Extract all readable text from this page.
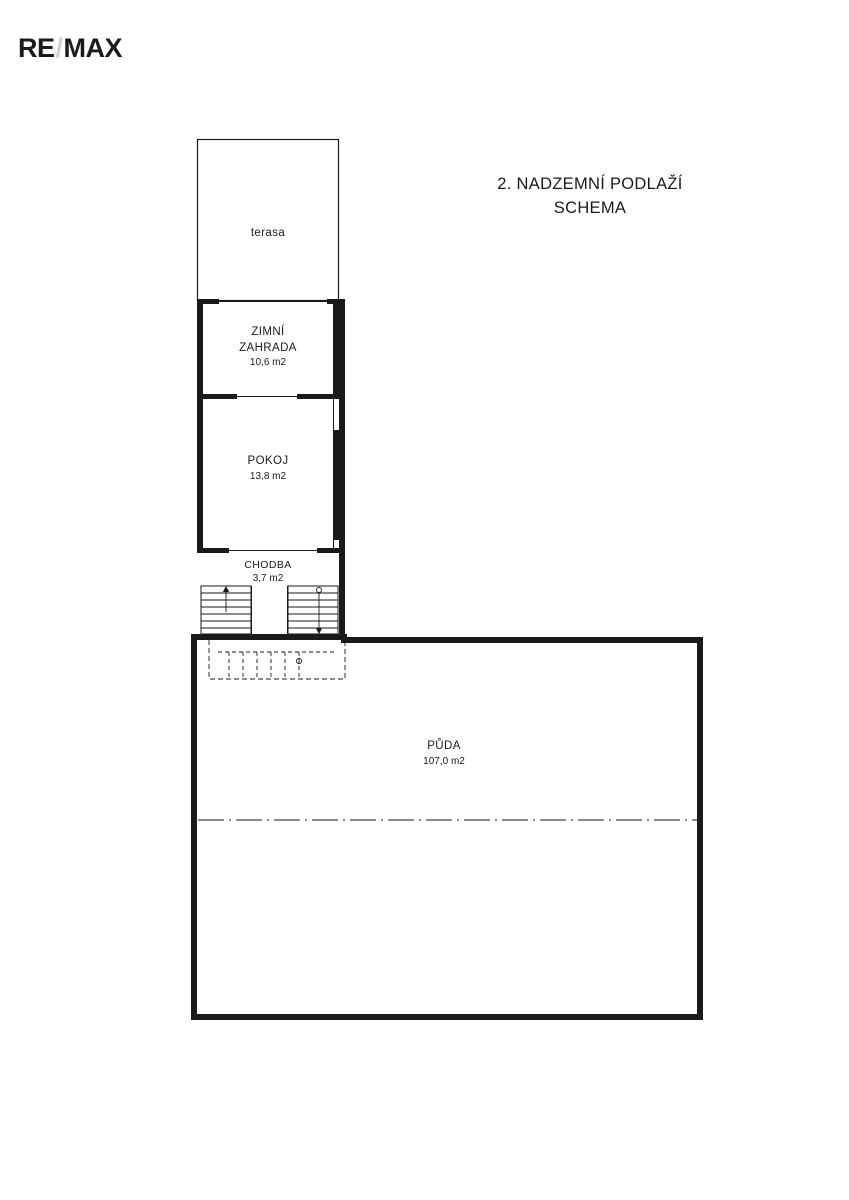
RE/MAX
2. NADZEMNÍ PODLAŽÍ
SCHEMA
terasa
ZIMNÍ
ZAHRADA
10,6 m2
POKOJ
13,8 m2
CHODBA
3,7 m2
PŮDA
107,0 m2
